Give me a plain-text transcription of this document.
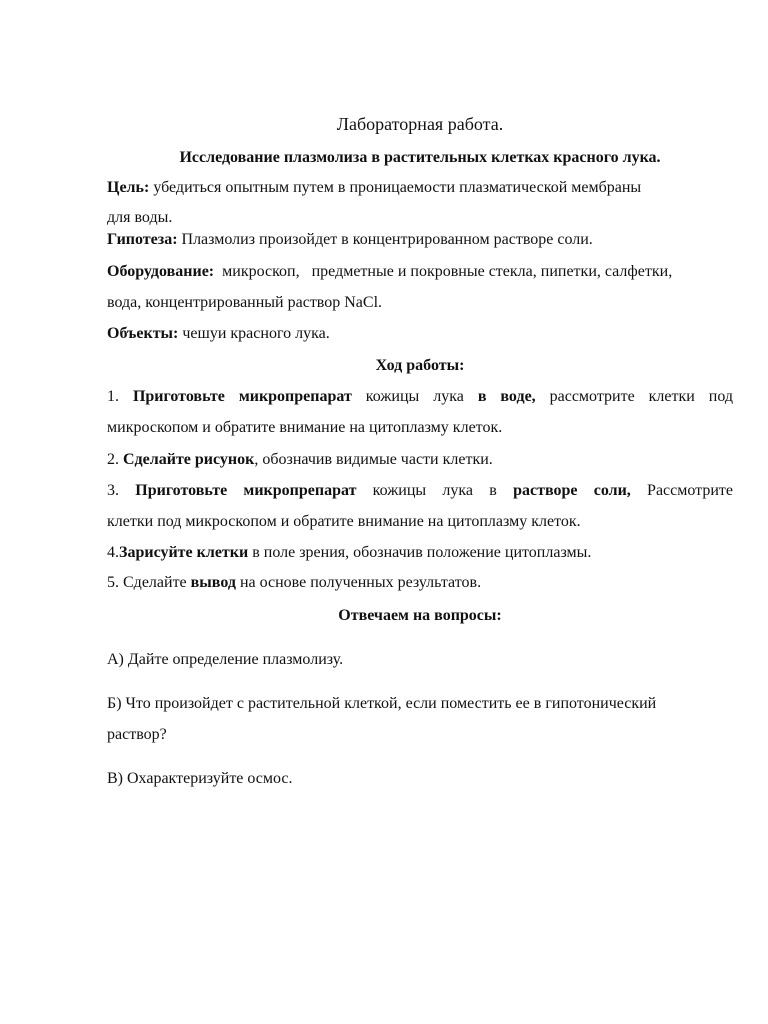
Лабораторная работа.
Исследование плазмолиза в растительных клетках красного лука.
Цель: убедиться опытным путем в проницаемости плазматической мембраны
для воды.
Гипотеза: Плазмолиз произойдет в концентрированном растворе соли.
Оборудование:  микроскоп,   предметные и покровные стекла, пипетки, салфетки,
вода, концентрированный раствор NaCl.
Объекты: чешуи красного лука.
Ход работы:
1. Приготовьте микропрепарат кожицы лука в воде, рассмотрите клетки под
микроскопом и обратите внимание на цитоплазму клеток.
2. Сделайте рисунок, обозначив видимые части клетки.
3. Приготовьте микропрепарат кожицы лука в растворе соли, Рассмотрите
клетки под микроскопом и обратите внимание на цитоплазму клеток.
4.Зарисуйте клетки в поле зрения, обозначив положение цитоплазмы.
5. Сделайте вывод на основе полученных результатов.
Отвечаем на вопросы:
А) Дайте определение плазмолизу.
Б) Что произойдет с растительной клеткой, если поместить ее в гипотонический
раствор?
В) Охарактеризуйте осмос.
